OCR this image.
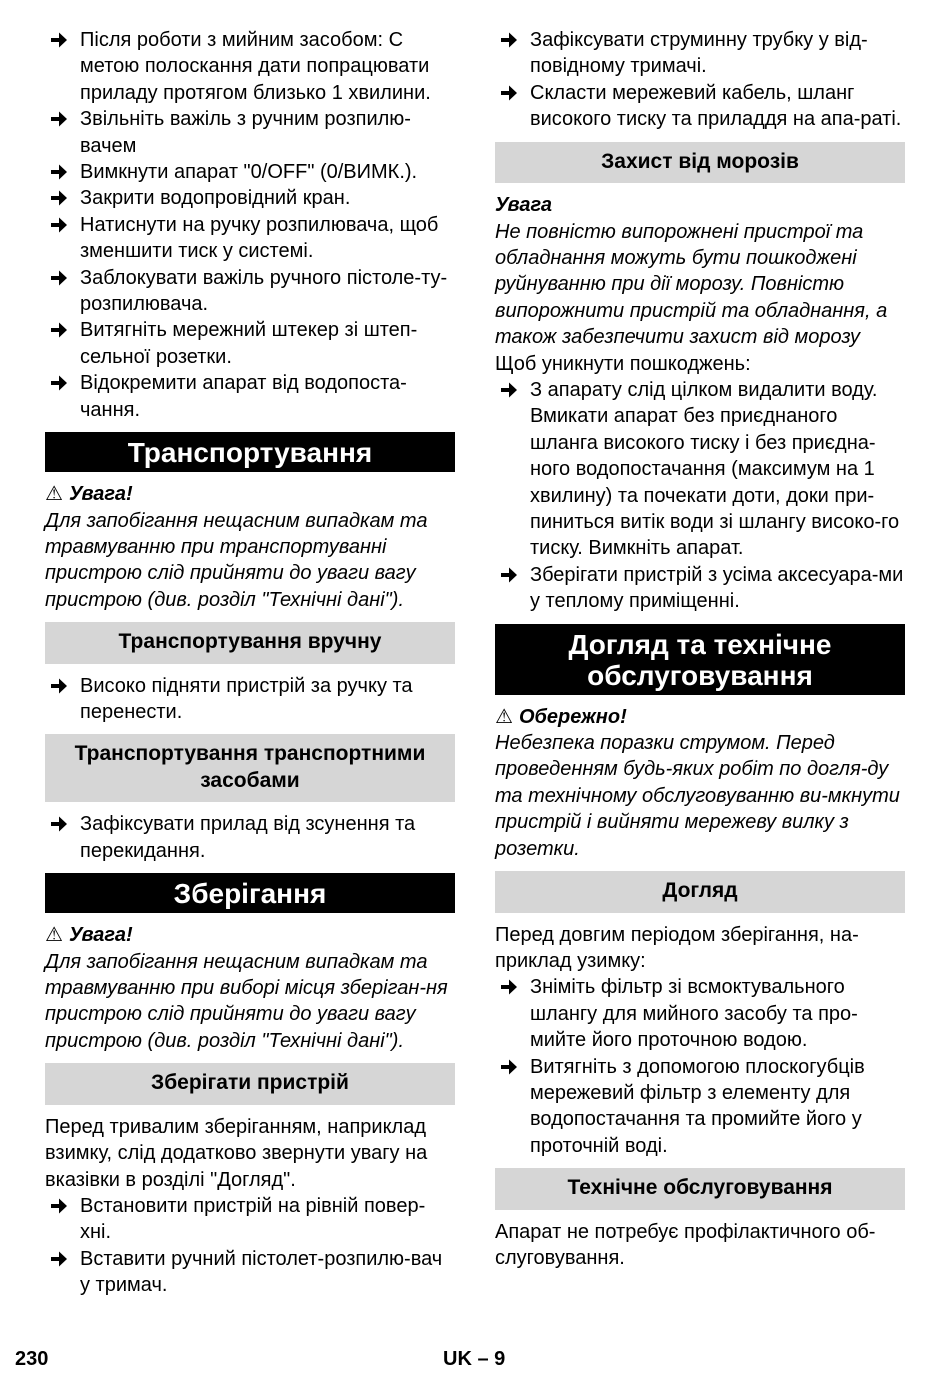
Після роботи з мийним засобом: С метою полоскання дати попрацювати приладу протягом близько 1 хвилини.

Звільніть важіль з ручним розпилю-вачем

Вимкнути апарат "0/OFF" (0/ВИМК.).

Закрити водопровідний кран.

Натиснути на ручку розпилювача, щоб зменшити тиск у системі.

Заблокувати важіль ручного пістоле-ту-розпилювача.

Витягніть мережний штекер зі штеп-сельної розетки.

Відокремити апарат від водопоста-чання.

Транспортування

⚠ Увага!

Для запобігання нещасним випадкам та травмуванню при транспортуванні пристрою слід прийняти до уваги вагу пристрою (див. розділ "Технічні дані").

Транспортування вручну

Високо підняти пристрій за ручку та перенести.

Транспортування транспортними засобами

Зафіксувати прилад від зсунення та перекидання.

Зберігання

⚠ Увага!

Для запобігання нещасним випадкам та травмуванню при виборі місця зберіган-ня пристрою слід прийняти до уваги вагу пристрою (див. розділ "Технічні дані").

Зберігати пристрій

Перед тривалим зберіганням, наприклад взимку, слід додатково звернути увагу на вказівки в розділі "Догляд".

Встановити пристрій на рівній повер-хні.

Вставити ручний пістолет-розпилю-вач у тримач.

Зафіксувати струминну трубку у від-повідному тримачі.

Скласти мережевий кабель, шланг високого тиску та приладдя на апа-раті.

Захист від морозів

Увага

Не повністю випорожнені пристрої та обладнання можуть бути пошкоджені руйнуванню при дії морозу. Повністю випорожнити пристрій та обладнання, а також забезпечити захист від морозу

Щоб уникнути пошкоджень:

З апарату слід цілком видалити воду. Вмикати апарат без приєднаного шланга високого тиску і без приєдна-ного водопостачання (максимум на 1 хвилину) та почекати доти, доки при-пиниться витік води зі шлангу високо-го тиску. Вимкніть апарат.

Зберігати пристрій з усіма аксесуара-ми у теплому приміщенні.

Догляд та технічне обслуговування

⚠ Обережно!

Небезпека поразки струмом. Перед проведенням будь-яких робіт по догля-ду та технічному обслуговуванню ви-мкнути пристрій і вийняти мережеву вилку з розетки.

Догляд

Перед довгим періодом зберігання, на-приклад узимку:

Зніміть фільтр зі всмоктувального шлангу для мийного засобу та про-мийте його проточною водою.

Витягніть з допомогою плоскогубців мережевий фільтр з елементу для водопостачання та промийте його у проточній воді.

Технічне обслуговування

Апарат не потребує профілактичного об-слуговування.

230	UK – 9
